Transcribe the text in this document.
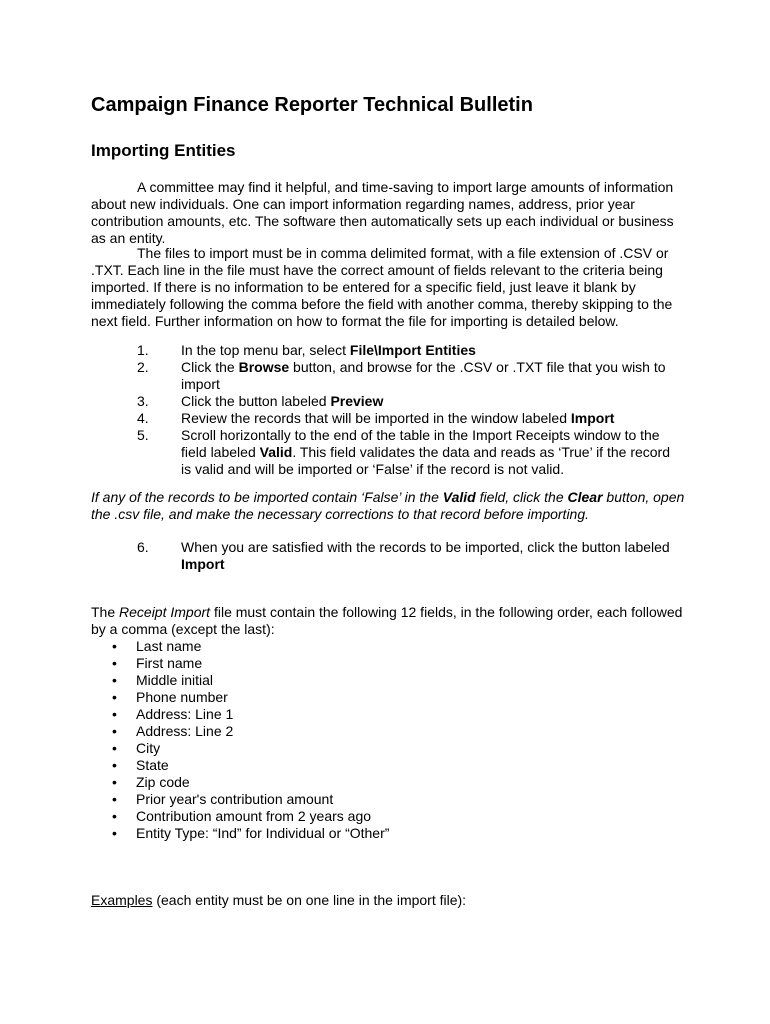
Campaign Finance Reporter Technical Bulletin
Importing Entities
A committee may find it helpful, and time-saving to import large amounts of information
about new individuals. One can import information regarding names, address, prior year
contribution amounts, etc. The software then automatically sets up each individual or business
as an entity.
The files to import must be in comma delimited format, with a file extension of .CSV or
.TXT. Each line in the file must have the correct amount of fields relevant to the criteria being
imported. If there is no information to be entered for a specific field, just leave it blank by
immediately following the comma before the field with another comma, thereby skipping to the
next field. Further information on how to format the file for importing is detailed below.
1. In the top menu bar, select File\Import Entities
2. Click the Browse button, and browse for the .CSV or .TXT file that you wish to
import
3. Click the button labeled Preview
4. Review the records that will be imported in the window labeled Import
5. Scroll horizontally to the end of the table in the Import Receipts window to the
field labeled Valid. This field validates the data and reads as ‘True’ if the record
is valid and will be imported or ‘False’ if the record is not valid.
If any of the records to be imported contain ‘False’ in the Valid field, click the Clear button, open
the .csv file, and make the necessary corrections to that record before importing.
6. When you are satisfied with the records to be imported, click the button labeled
Import
The Receipt Import file must contain the following 12 fields, in the following order, each followed
by a comma (except the last):
• Last name
• First name
• Middle initial
• Phone number
• Address: Line 1
• Address: Line 2
• City
• State
• Zip code
• Prior year's contribution amount
• Contribution amount from 2 years ago
• Entity Type: “Ind” for Individual or “Other”

Examples (each entity must be on one line in the import file):
